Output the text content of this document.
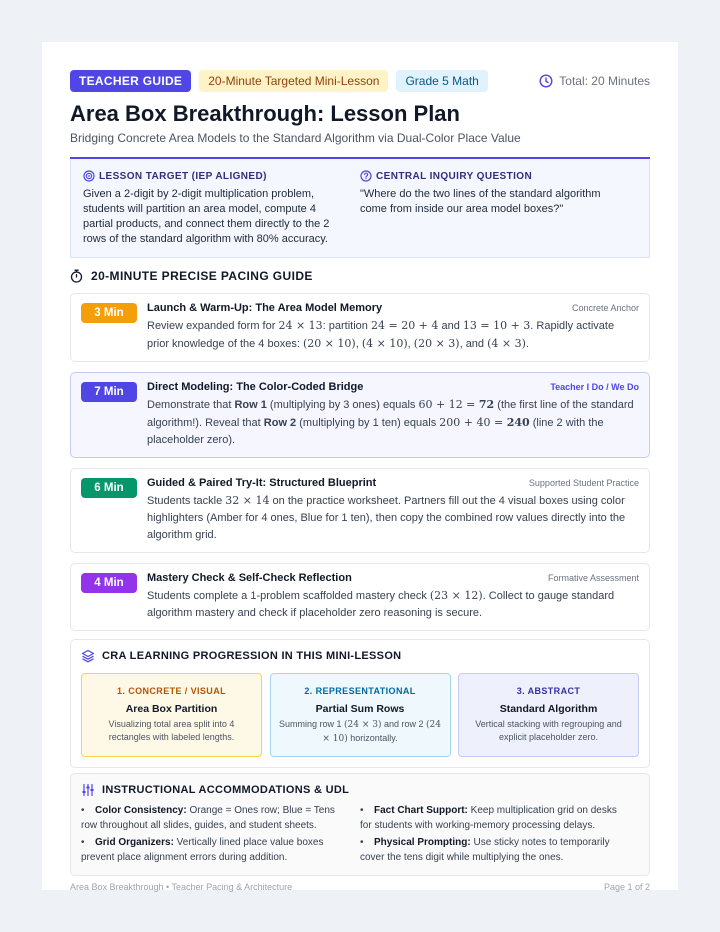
TEACHER GUIDE	20-Minute Targeted Mini-Lesson	Grade 5 Math	Total: 20 Minutes
Area Box Breakthrough: Lesson Plan
Bridging Concrete Area Models to the Standard Algorithm via Dual-Color Place Value
LESSON TARGET (IEP ALIGNED)
Given a 2-digit by 2-digit multiplication problem, students will partition an area model, compute 4 partial products, and connect them directly to the 2 rows of the standard algorithm with 80% accuracy.
CENTRAL INQUIRY QUESTION
"Where do the two lines of the standard algorithm come from inside our area model boxes?"
20-MINUTE PRECISE PACING GUIDE
3 Min	Launch & Warm-Up: The Area Model Memory	Concrete Anchor
Review expanded form for 24 × 13: partition 24 = 20 + 4 and 13 = 10 + 3. Rapidly activate prior knowledge of the 4 boxes: (20 × 10), (4 × 10), (20 × 3), and (4 × 3).
7 Min	Direct Modeling: The Color-Coded Bridge	Teacher I Do / We Do
Demonstrate that Row 1 (multiplying by 3 ones) equals 60 + 12 = 72 (the first line of the standard algorithm!). Reveal that Row 2 (multiplying by 1 ten) equals 200 + 40 = 240 (line 2 with the placeholder zero).
6 Min	Guided & Paired Try-It: Structured Blueprint	Supported Student Practice
Students tackle 32 × 14 on the practice worksheet. Partners fill out the 4 visual boxes using color highlighters (Amber for 4 ones, Blue for 1 ten), then copy the combined row values directly into the algorithm grid.
4 Min	Mastery Check & Self-Check Reflection	Formative Assessment
Students complete a 1-problem scaffolded mastery check (23 × 12). Collect to gauge standard algorithm mastery and check if placeholder zero reasoning is secure.
CRA LEARNING PROGRESSION IN THIS MINI-LESSON
1. CONCRETE / VISUAL
Area Box Partition
Visualizing total area split into 4 rectangles with labeled lengths.
2. REPRESENTATIONAL
Partial Sum Rows
Summing row 1 (24 × 3) and row 2 (24 × 10) horizontally.
3. ABSTRACT
Standard Algorithm
Vertical stacking with regrouping and explicit placeholder zero.
INSTRUCTIONAL ACCOMMODATIONS & UDL
• Color Consistency: Orange = Ones row; Blue = Tens row throughout all slides, guides, and student sheets.
• Grid Organizers: Vertically lined place value boxes prevent place alignment errors during addition.
• Fact Chart Support: Keep multiplication grid on desks for students with working-memory processing delays.
• Physical Prompting: Use sticky notes to temporarily cover the tens digit while multiplying the ones.
Area Box Breakthrough • Teacher Pacing & Architecture	Page 1 of 2
